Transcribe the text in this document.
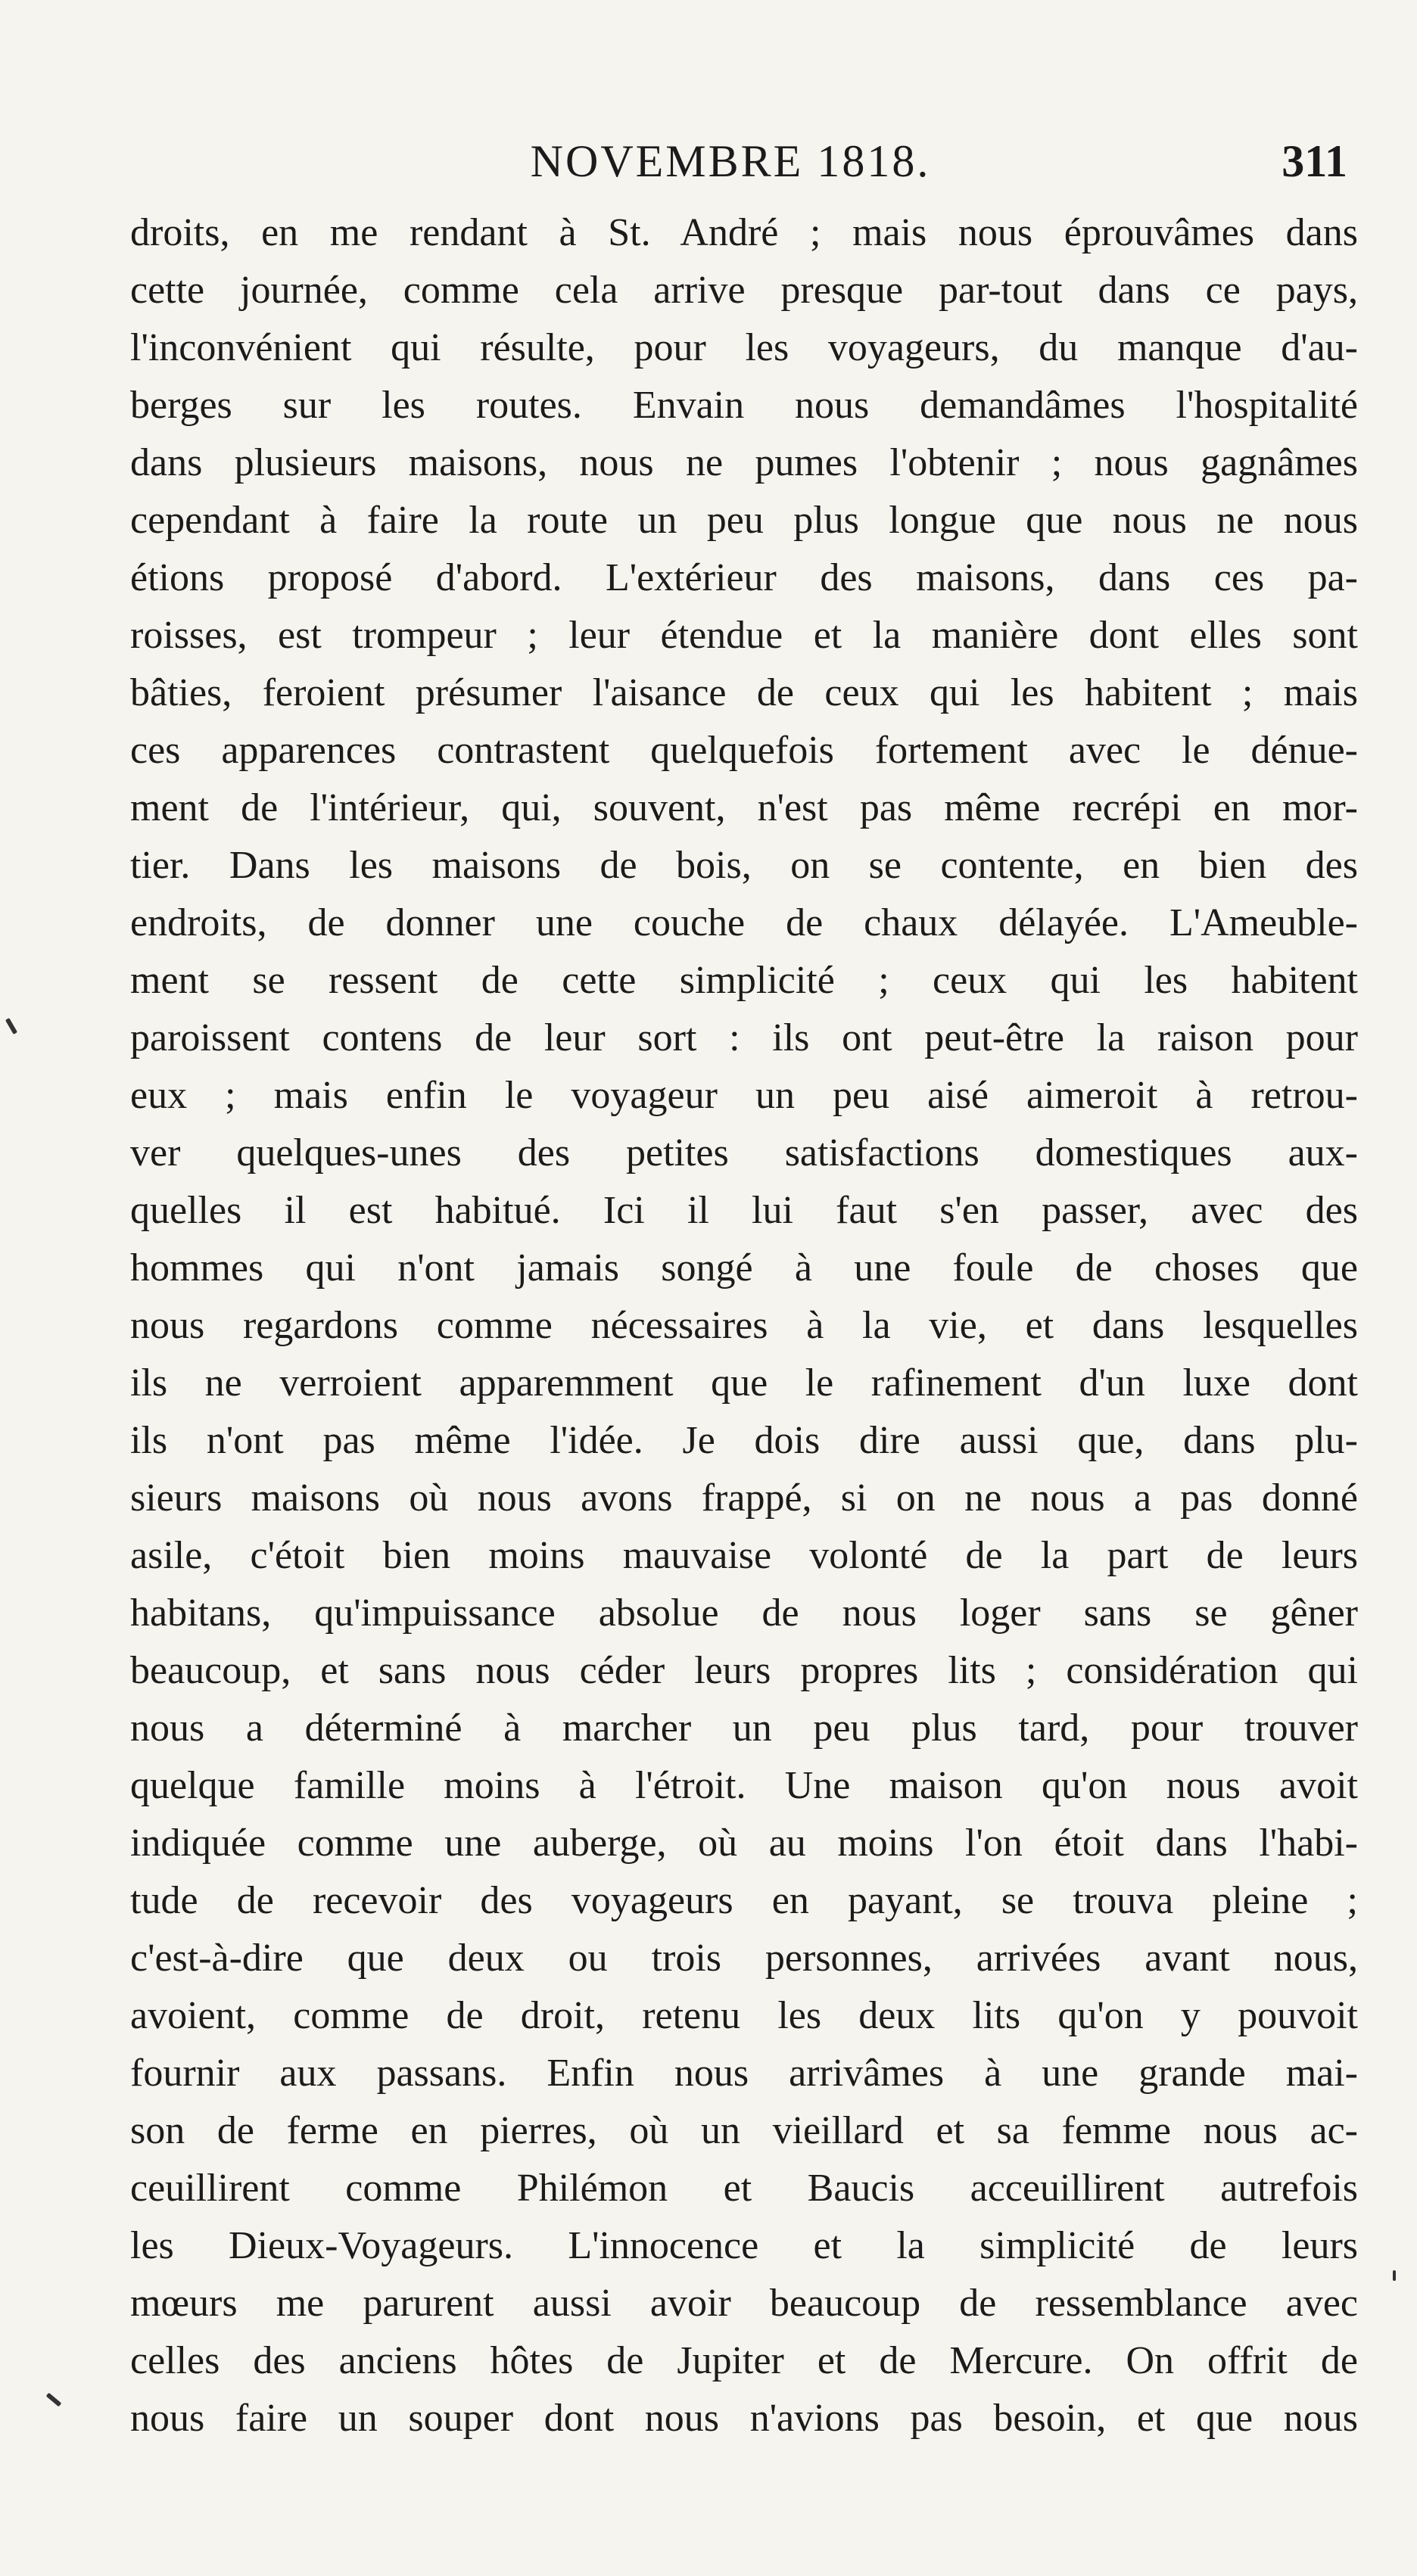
NOVEMBRE 1818.	311
droits, en me rendant à St. André ; mais nous éprouvâmes dans
cette journée, comme cela arrive presque par-tout dans ce pays,
l'inconvénient qui résulte, pour les voyageurs, du manque d'au-
berges sur les routes. Envain nous demandâmes l'hospitalité
dans plusieurs maisons, nous ne pumes l'obtenir ; nous gagnâmes
cependant à faire la route un peu plus longue que nous ne nous
étions proposé d'abord. L'extérieur des maisons, dans ces pa-
roisses, est trompeur ; leur étendue et la manière dont elles sont
bâties, feroient présumer l'aisance de ceux qui les habitent ; mais
ces apparences contrastent quelquefois fortement avec le dénue-
ment de l'intérieur, qui, souvent, n'est pas même recrépi en mor-
tier. Dans les maisons de bois, on se contente, en bien des
endroits, de donner une couche de chaux délayée. L'Ameuble-
ment se ressent de cette simplicité ; ceux qui les habitent
paroissent contens de leur sort : ils ont peut-être la raison pour
eux ; mais enfin le voyageur un peu aisé aimeroit à retrou-
ver quelques-unes des petites satisfactions domestiques aux-
quelles il est habitué. Ici il lui faut s'en passer, avec des
hommes qui n'ont jamais songé à une foule de choses que
nous regardons comme nécessaires à la vie, et dans lesquelles
ils ne verroient apparemment que le rafinement d'un luxe dont
ils n'ont pas même l'idée. Je dois dire aussi que, dans plu-
sieurs maisons où nous avons frappé, si on ne nous a pas donné
asile, c'étoit bien moins mauvaise volonté de la part de leurs
habitans, qu'impuissance absolue de nous loger sans se gêner
beaucoup, et sans nous céder leurs propres lits ; considération qui
nous a déterminé à marcher un peu plus tard, pour trouver
quelque famille moins à l'étroit. Une maison qu'on nous avoit
indiquée comme une auberge, où au moins l'on étoit dans l'habi-
tude de recevoir des voyageurs en payant, se trouva pleine ;
c'est-à-dire que deux ou trois personnes, arrivées avant nous,
avoient, comme de droit, retenu les deux lits qu'on y pouvoit
fournir aux passans. Enfin nous arrivâmes à une grande mai-
son de ferme en pierres, où un vieillard et sa femme nous ac-
ceuillirent comme Philémon et Baucis acceuillirent autrefois
les Dieux-Voyageurs. L'innocence et la simplicité de leurs
mœurs me parurent aussi avoir beaucoup de ressemblance avec
celles des anciens hôtes de Jupiter et de Mercure. On offrit de
nous faire un souper dont nous n'avions pas besoin, et que nous
